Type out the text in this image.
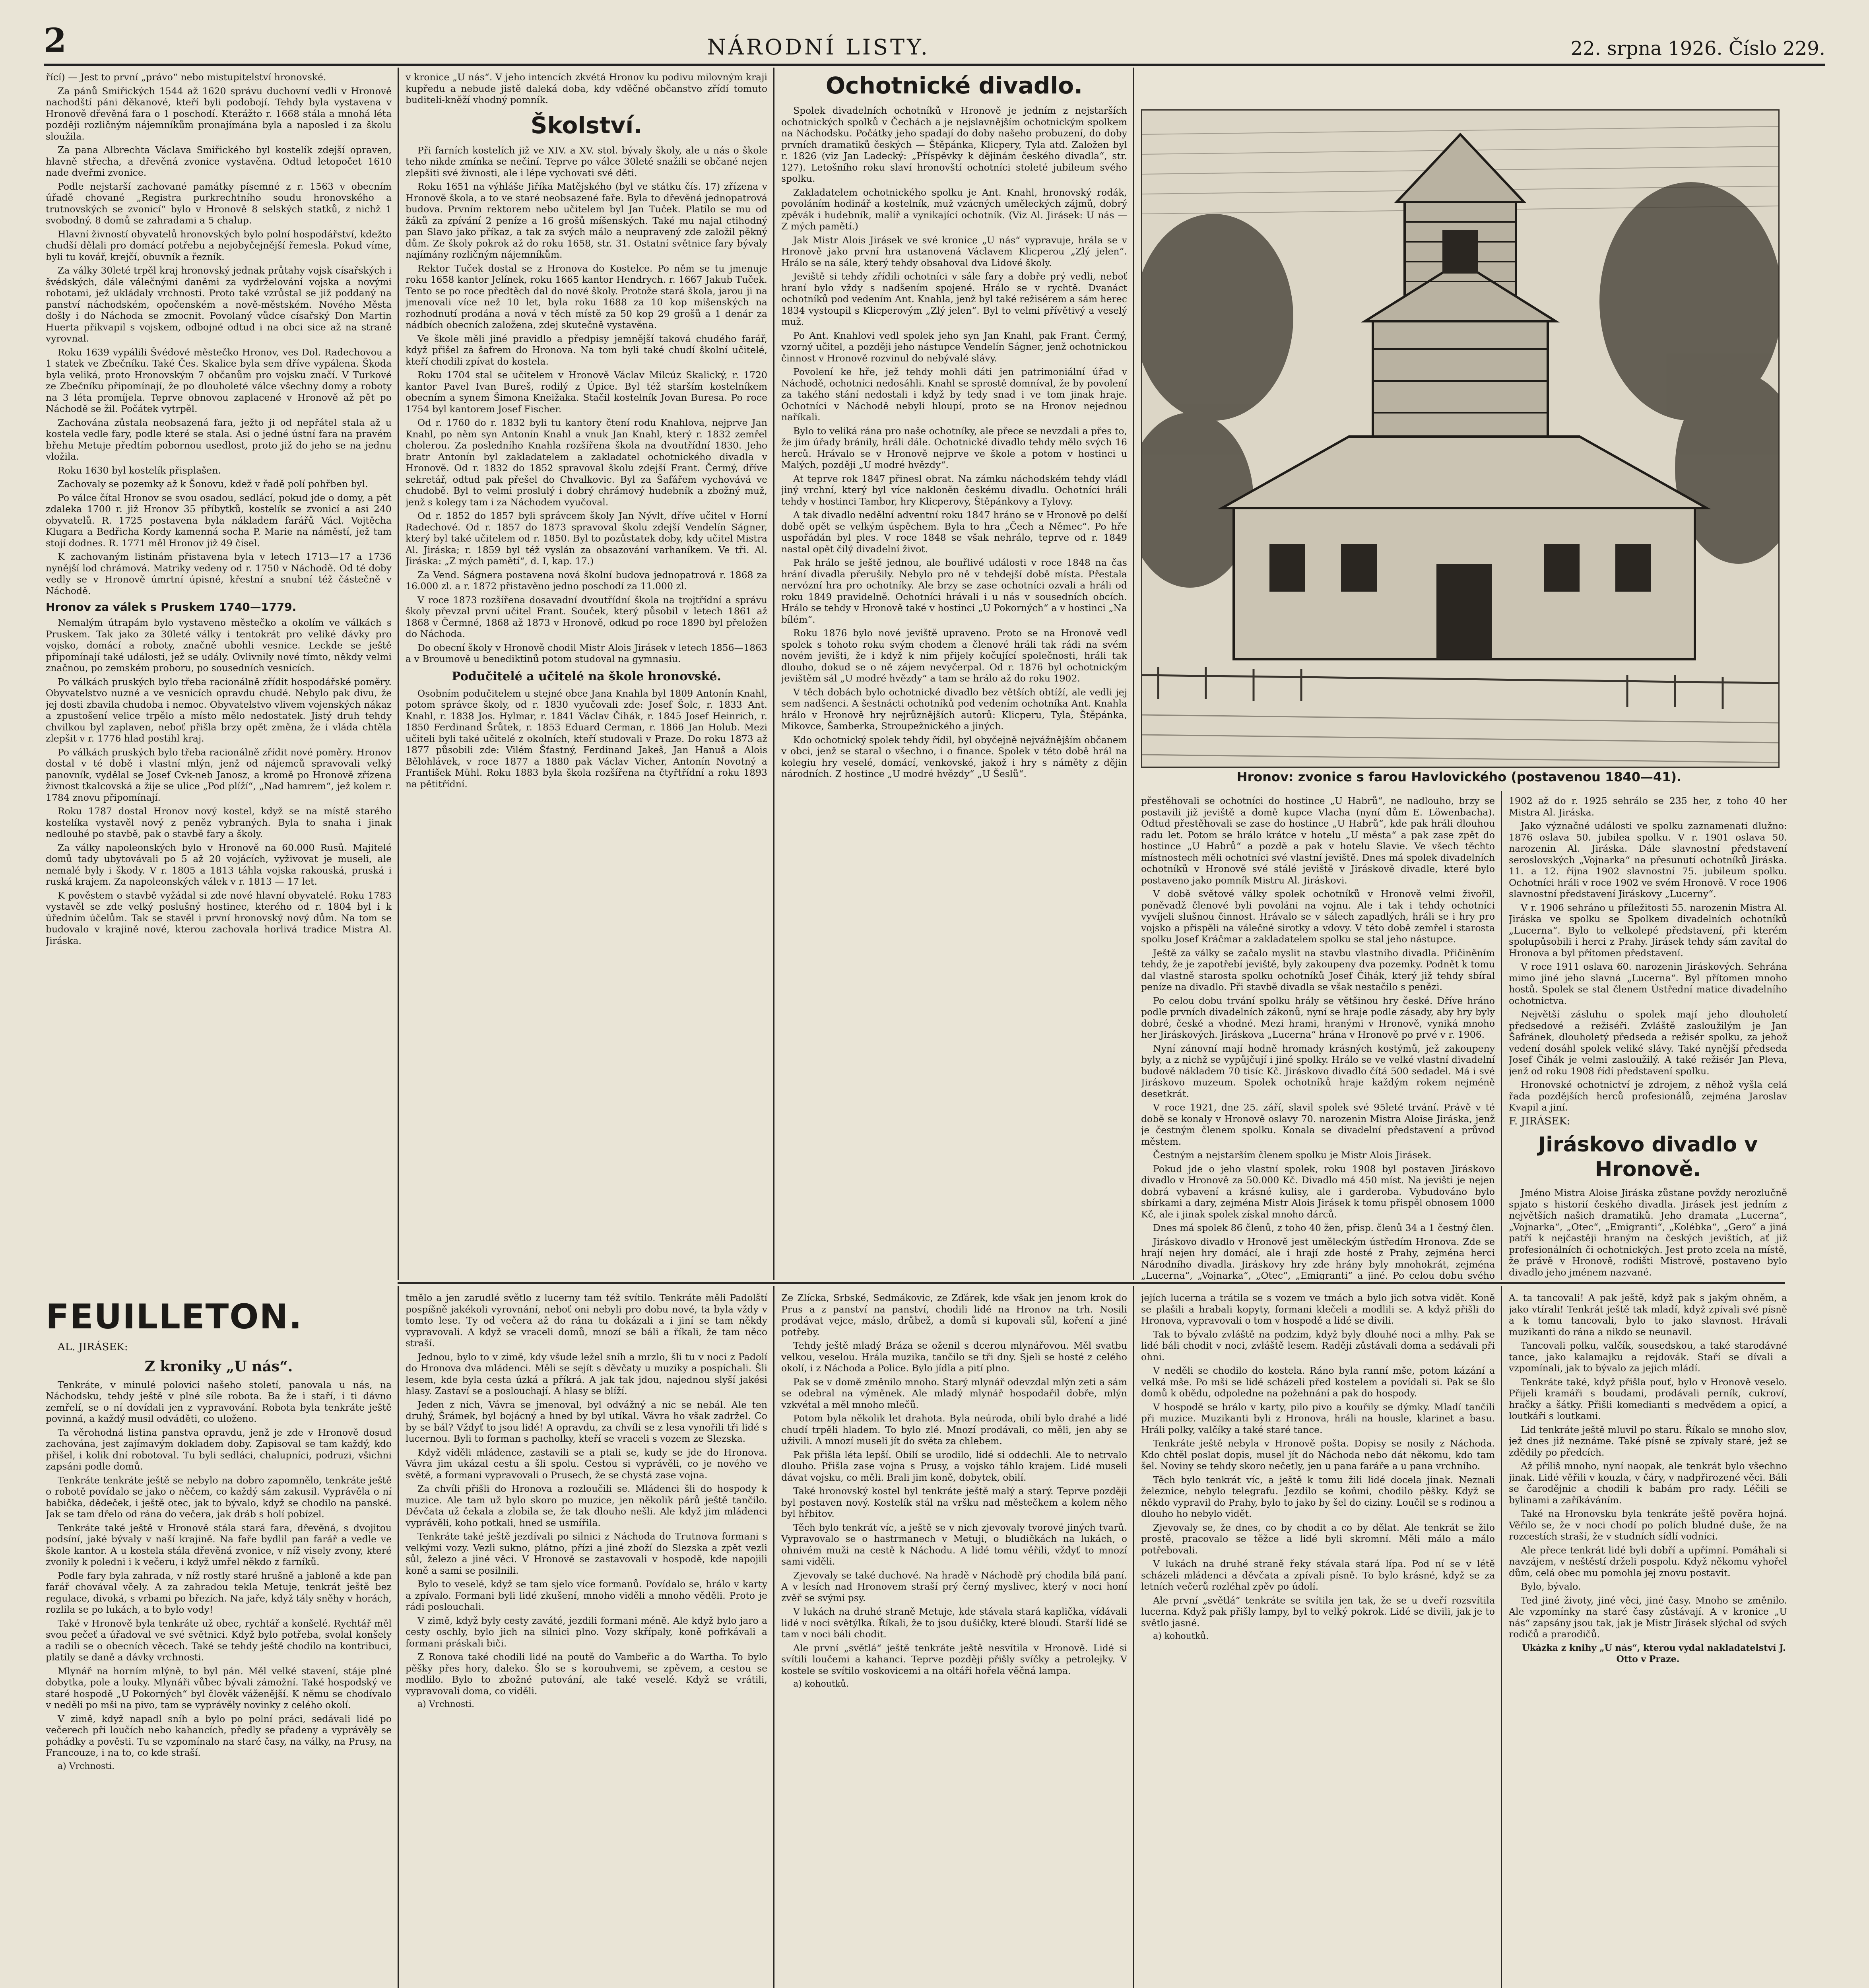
2	NÁRODNÍ LISTY.	22. srpna 1926. Číslo 229.

řící) — Jest to první „právo“ nebo mistupitelství hronovské.

Za pánů Smiřických 1544 až 1620 správu duchovní vedli v Hronově nachodští páni děkanové, kteří byli podobojí. Tehdy byla vystavena v Hronově dřevěná fara o 1 poschodí. Kterážto r. 1668 stála a mnohá léta později rozličným nájemníkům pronajímána byla a naposled i za školu sloužila.

Za pana Albrechta Václava Smiřického byl kostelík zdejší opraven, hlavně střecha, a dřevěná zvonice vystavěna. Odtud letopočet 1610 nade dveřmi zvonice.

Podle nejstarší zachované památky písemné z r. 1563 v obecním úřadě chované „Registra purkrechtního soudu hronovského a trutnovských se zvonicí“ bylo v Hronově 8 selských statků, z nichž 1 svobodný. 8 domů se zahradami a 5 chalup.

Hlavní živností obyvatelů hronovských bylo polní hospodářství, kdežto chudší dělali pro domácí potřebu a nejobyčejnější řemesla. Pokud víme, byli tu kovář, krejčí, obuvník a řezník.

Za války 30leté trpěl kraj hronovský jednak průtahy vojsk císařských i švédských, dále válečnými daněmi za vydrželování vojska a novými robotami, jež ukládaly vrchnosti. Proto také vzrůstal se již poddaný na panství náchodském, opočenském a nově-městském. Nového Města došly i do Náchoda se zmocnit. Povolaný vůdce císařský Don Martin Huerta přikvapil s vojskem, odbojné odtud i na obci sice až na straně vyrovnal.

Roku 1639 vypálili Švédové městečko Hronov, ves Dol. Radechovou a 1 statek ve Zbečníku. Také Čes. Skalice byla sem dříve vypálena. Škoda byla veliká, proto Hronovským 7 občanům pro vojsku značí. V Turkové ze Zbečníku připomínají, že po dlouholeté válce všechny domy a roboty na 3 léta promíjela. Teprve obnovou zaplacené v Hronově až pět po Náchodě se žil. Počátek vytrpěl.

Zachována zůstala neobsazená fara, ježto ji od nepřátel stala až u kostela vedle fary, podle které se stala. Asi o jedné ústní fara na pravém břehu Metuje předtím pobornou usedlost, proto již do jeho se na jednu vložila.

Roku 1630 byl kostelík přisplašen.

Zachovaly se pozemky až k Šonovu, kdež v řadě polí pohřben byl.

Po válce čítal Hronov se svou osadou, sedlácí, pokud jde o domy, a pět zdaleka 1700 r. již Hronov 35 příbytků, kostelík se zvonicí a asi 240 obyvatelů. R. 1725 postavena byla nákladem farářů Václ. Vojtěcha Klugara a Bedřicha Kordy kamenná socha P. Marie na náměstí, jež tam stojí dodnes. R. 1771 měl Hronov již 49 čísel.

K zachovaným listinám přistavena byla v letech 1713—17 a 1736 nynější lod chrámová. Matriky vedeny od r. 1750 v Náchodě. Od té doby vedly se v Hronově úmrtní úpisné, křestní a snubní též částečně v Náchodě.

Hronov za válek s Pruskem 1740—1779.

Nemalým útrapám bylo vystaveno městečko a okolím ve válkách s Pruskem. Tak jako za 30leté války i tentokrát pro veliké dávky pro vojsko, domácí a roboty, značně ubohli vesnice. Leckde se ještě připomínají také události, jež se udály. Ovlivnily nové tímto, někdy velmi značnou, po zemském proboru, po sousedních vesnicích.

Po válkách pruských bylo třeba racionálně zřídit hospodářské poměry. Obyvatelstvo nuzné a ve vesnicích opravdu chudé. Nebylo pak divu, že jej dosti zbavila chudoba i nemoc. Obyvatelstvo vlivem vojenských nákaz a zpustošení velice trpělo a místo mělo nedostatek. Jistý druh tehdy chvilkou byl zaplaven, neboť přišla brzy opět změna, že i vláda chtěla zlepšit v r. 1776 hlad postihl kraj.

Po válkách pruských bylo třeba racionálně zřídit nové poměry. Hronov dostal v té době i vlastní mlýn, jenž od nájemců spravovali velký panovník, vydělal se Josef Cvk-neb Janosz, a kromě po Hronově zřízena živnost tkalcovská a žije se ulice „Pod plíží“, „Nad hamrem“, jež kolem r. 1784 znovu připomínají.

Roku 1787 dostal Hronov nový kostel, když se na místě starého kostelíka vystavěl nový z peněz vybraných. Byla to snaha i jinak nedlouhé po stavbě, pak o stavbě fary a školy.

Za války napoleonských bylo v Hronově na 60.000 Rusů. Majitelé domů tady ubytovávali po 5 až 20 vojácích, vyživovat je museli, ale nemalé byly i škody. V r. 1805 a 1813 táhla vojska rakouská, pruská i ruská krajem. Za napoleonských válek v r. 1813 — 17 let.

K pověstem o stavbě vyžádal si zde nové hlavní obyvatelé. Roku 1783 vystavěl se zde velký poslušný hostinec, kterého od r. 1804 byl i k úředním účelům. Tak se stavěl i první hronovský nový dům. Na tom se budovalo v krajině nové, kterou zachovala horlivá tradice Mistra Al. Jiráska.

v kronice „U nás“. V jeho intencích zkvétá Hronov ku podivu milovným kraji kupředu a nebude jistě daleká doba, kdy vděčné občanstvo zřídí tomuto buditeli-kněží vhodný pomník.

Školství.

Při farních kostelích již ve XIV. a XV. stol. bývaly školy, ale u nás o škole teho nikde zmínka se nečiní. Teprve po válce 30leté snažili se občané nejen zlepšiti své živnosti, ale i lépe vychovati své děti.

Roku 1651 na výhláše Jiříka Matějského (byl ve státku čís. 17) zřízena v Hronově škola, a to ve staré neobsazené faře. Byla to dřevěná jednopatrová budova. Prvním rektorem nebo učitelem byl Jan Tuček. Platilo se mu od žáků za zpívání 2 peníze a 16 grošů míšenských. Také mu najal ctihodný pan Slavo jako příkaz, a tak za svých málo a neupravený zde založil pěkný dům. Ze školy pokrok až do roku 1658, str. 31. Ostatní světnice fary bývaly najímány rozličným nájemníkům.

Rektor Tuček dostal se z Hronova do Kostelce. Po něm se tu jmenuje roku 1658 kantor Jelínek, roku 1665 kantor Hendrych. r. 1667 Jakub Tuček. Tento se po roce předtěch dal do nové školy. Protože stará škola, jarou ji na jmenovali více než 10 let, byla roku 1688 za 10 kop míšenských na rozhodnutí prodána a nová v těch místě za 50 kop 29 grošů a 1 denár za nádbích obecních založena, zdej skutečně vystavěna.

Ve škole měli jiné pravidlo a předpisy jemnější taková chudého farář, když přišel za šafrem do Hronova. Na tom byli také chudí školní učitelé, kteří chodili zpívat do kostela.

Roku 1704 stal se učitelem v Hronově Václav Milcúz Skalický, r. 1720 kantor Pavel Ivan Bureš, rodilý z Úpice. Byl též starším kostelníkem obecním a synem Šimona Kneižaka. Stačil kostelník Jovan Buresa. Po roce 1754 byl kantorem Josef Fischer.

Od r. 1760 do r. 1832 byli tu kantory čtení rodu Knahlova, nejprve Jan Knahl, po něm syn Antonín Knahl a vnuk Jan Knahl, který r. 1832 zemřel cholerou. Za posledního Knahla rozšířena škola na dvoutřídní 1830. Jeho bratr Antonín byl zakladatelem a zakladatel ochotnického divadla v Hronově. Od r. 1832 do 1852 spravoval školu zdejší Frant. Čermý, dříve sekretář, odtud pak přešel do Chvalkovic. Byl za Šafářem vychovává ve chudobě. Byl to velmi proslulý i dobrý chrámový hudebník a zbožný muž, jenž s kolegy tam i za Náchodem vyučoval.

Od r. 1852 do 1857 byli správcem školy Jan Nývlt, dříve učitel v Horní Radechové. Od r. 1857 do 1873 spravoval školu zdejší Vendelín Ságner, který byl také učitelem od r. 1850. Byl to pozůstatek doby, kdy učitel Mistra Al. Jiráska; r. 1859 byl též vyslán za obsazování varhaníkem. Ve tři. Al. Jiráska: „Z mých pamětí“, d. I, kap. 17.)

Za Vend. Ságnera postavena nová školní budova jednopatrová r. 1868 za 16.000 zl. a r. 1872 přistavěno jedno poschodí za 11.000 zl.

V roce 1873 rozšířena dosavadní dvoutřídní škola na trojtřídní a správu školy převzal první učitel Frant. Souček, který působil v letech 1861 až 1868 v Čermné, 1868 až 1873 v Hronově, odkud po roce 1890 byl přeložen do Náchoda.

Do obecní školy v Hronově chodil Mistr Alois Jirásek v letech 1856—1863 a v Broumově u benediktinů potom studoval na gymnasiu.

Podučitelé a učitelé na škole hronovské.

Osobním podučitelem u stejné obce Jana Knahla byl 1809 Antonín Knahl, potom správce školy, od r. 1830 vyučovali zde: Josef Šolc, r. 1833 Ant. Knahl, r. 1838 Jos. Hylmar, r. 1841 Václav Čihák, r. 1845 Josef Heinrich, r. 1850 Ferdinand Šrůtek, r. 1853 Eduard Cerman, r. 1866 Jan Holub. Mezi učiteli byli také učitelé z okolních, kteří studovali v Praze. Do roku 1873 až 1877 působili zde: Vilém Šťastný, Ferdinand Jakeš, Jan Hanuš a Alois Bělohlávek, v roce 1877 a 1880 pak Václav Vicher, Antonín Novotný a František Mühl. Roku 1883 byla škola rozšířena na čtyřtřídní a roku 1893 na pětitřídní.

Ochotnické divadlo.

Spolek divadelních ochotníků v Hronově je jedním z nejstarších ochotnických spolků v Čechách a je nejslavnějším ochotnickým spolkem na Náchodsku. Počátky jeho spadají do doby našeho probuzení, do doby prvních dramatiků českých — Štěpánka, Klicpery, Tyla atd. Založen byl r. 1826 (viz Jan Ladecký: „Příspěvky k dějinám českého divadla“, str. 127). Letošního roku slaví hronovští ochotníci stoleté jubileum svého spolku.

Zakladatelem ochotnického spolku je Ant. Knahl, hronovský rodák, povoláním hodinář a kostelník, muž vzácných uměleckých zájmů, dobrý zpěvák i hudebník, malíř a vynikající ochotník. (Viz Al. Jirásek: U nás — Z mých pamětí.)

Jak Mistr Alois Jirásek ve své kronice „U nás“ vypravuje, hrála se v Hronově jako první hra ustanovená Václavem Klicperou „Zlý jelen“. Hrálo se na sále, který tehdy obsahoval dva Lidové školy.

Jeviště si tehdy zřídili ochotníci v sále fary a dobře prý vedli, neboť hraní bylo vždy s nadšením spojené. Hrálo se v rychtě. Dvanáct ochotníků pod vedením Ant. Knahla, jenž byl také režisérem a sám herec 1834 vystoupil s Klicperovým „Zlý jelen“. Byl to velmi přívětivý a veselý muž.

Po Ant. Knahlovi vedl spolek jeho syn Jan Knahl, pak Frant. Čermý, vzorný učitel, a později jeho nástupce Vendelín Ságner, jenž ochotnickou činnost v Hronově rozvinul do nebývalé slávy.

Povolení ke hře, jež tehdy mohli dáti jen patrimoniální úřad v Náchodě, ochotníci nedosáhli. Knahl se sprostě domníval, že by povolení za takého stání nedostali i když by tedy snad i ve tom jinak hraje. Ochotníci v Náchodě nebyli hloupí, proto se na Hronov nejednou naříkali.

Bylo to veliká rána pro naše ochotníky, ale přece se nevzdali a přes to, že jim úřady bránily, hráli dále. Ochotnické divadlo tehdy mělo svých 16 herců. Hrávalo se v Hronově nejprve ve škole a potom v hostinci u Malých, později „U modré hvězdy“.

At teprve rok 1847 přinesl obrat. Na zámku náchodském tehdy vládl jiný vrchní, který byl více nakloněn českému divadlu. Ochotníci hráli tehdy v hostinci Tambor, hry Klicperovy, Štěpánkovy a Tylovy.

A tak divadlo nedělní adventní roku 1847 hráno se v Hronově po delší době opět se velkým úspěchem. Byla to hra „Čech a Němec“. Po hře uspořádán byl ples. V roce 1848 se však nehrálo, teprve od r. 1849 nastal opět čilý divadelní život.

Pak hrálo se ještě jednou, ale bouřlivé události v roce 1848 na čas hrání divadla přerušily. Nebylo pro ně v tehdejší době místa. Přestala nervózní hra pro ochotníky. Ale brzy se zase ochotníci ozvali a hráli od roku 1849 pravidelně. Ochotníci hrávali i u nás v sousedních obcích. Hrálo se tehdy v Hronově také v hostinci „U Pokorných“ a v hostinci „Na bílém“.

Roku 1876 bylo nové jeviště upraveno. Proto se na Hronově vedl spolek s tohoto roku svým chodem a členové hráli tak rádi na svém novém jevišti, že i když k nim přijely kočující společnosti, hráli tak dlouho, dokud se o ně zájem nevyčerpal. Od r. 1876 byl ochotnickým jevištěm sál „U modré hvězdy“ a tam se hrálo až do roku 1902.

V těch dobách bylo ochotnické divadlo bez větších obtíží, ale vedli jej sem nadšenci. A šestnácti ochotníků pod vedením ochotníka Ant. Knahla hrálo v Hronově hry nejrůznějších autorů: Klicperu, Tyla, Štěpánka, Mikovce, Šamberka, Stroupežnického a jiných.

Kdo ochotnický spolek tehdy řídil, byl obyčejně nejvážnějším občanem v obci, jenž se staral o všechno, i o finance. Spolek v této době hrál na kolegiu hry veselé, domácí, venkovské, jakož i hry s náměty z dějin národních. Z hostince „U modré hvězdy“ „U Šeslů“.	Hronov: zvonice s farou Havlovického (postavenou 1840—41).

přestěhovali se ochotníci do hostince „U Habrů“, ne nadlouho, brzy se postavili již jeviště a domě kupce Vlacha (nyní dům E. Löwenbacha). Odtud přestěhovali se zase do hostince „U Habrů“, kde pak hráli dlouhou radu let. Potom se hrálo krátce v hotelu „U města“ a pak zase zpět do hostince „U Habrů“ a pozdě a pak v hotelu Slavie. Ve všech těchto místnostech měli ochotníci své vlastní jeviště. Dnes má spolek divadelních ochotníků v Hronově své stálé jeviště v Jiráskově divadle, které bylo postaveno jako pomník Mistru Al. Jiráskovi.

V době světové války spolek ochotníků v Hronově velmi živořil, poněvadž členové byli povoláni na vojnu. Ale i tak i tehdy ochotníci vyvíjeli slušnou činnost. Hrávalo se v sálech zapadlých, hráli se i hry pro vojsko a přispěli na válečné sirotky a vdovy. V této době zemřel i starosta spolku Josef Kráčmar a zakladatelem spolku se stal jeho nástupce.

Ještě za války se začalo myslit na stavbu vlastního divadla. Přičiněním tehdy, že je zapotřebí jeviště, byly zakoupeny dva pozemky. Podnět k tomu dal vlastně starosta spolku ochotníků Josef Čihák, který již tehdy sbíral peníze na divadlo. Při stavbě divadla se však nestačilo s penězi.

Po celou dobu trvání spolku hrály se většinou hry české. Dříve hráno podle prvních divadelních zákonů, nyní se hraje podle zásady, aby hry byly dobré, české a vhodné. Mezi hrami, hranými v Hronově, vyniká mnoho her Jiráskových. Jiráskova „Lucerna“ hrána v Hronově po prvé v r. 1906.

Nyní zánovní mají hodně hromady krásných kostýmů, jež zakoupeny byly, a z nichž se vypůjčují i jiné spolky. Hrálo se ve velké vlastní divadelní budově nákladem 70 tisíc Kč. Jiráskovo divadlo čítá 500 sedadel. Má i své Jiráskovo muzeum. Spolek ochotníků hraje každým rokem nejméně desetkrát.

V roce 1921, dne 25. září, slavil spolek své 95leté trvání. Právě v té době se konaly v Hronově oslavy 70. narozenin Mistra Aloise Jiráska, jenž je čestným členem spolku. Konala se divadelní představení a průvod městem.

Čestným a nejstarším členem spolku je Mistr Alois Jirásek.

Pokud jde o jeho vlastní spolek, roku 1908 byl postaven Jiráskovo divadlo v Hronově za 50.000 Kč. Divadlo má 450 míst. Na jevišti je nejen dobrá vybavení a krásné kulisy, ale i garderoba. Vybudováno bylo sbírkami a dary, zejména Mistr Alois Jirásek k tomu přispěl obnosem 1000 Kč, ale i jinak spolek získal mnoho dárců.

Dnes má spolek 86 členů, z toho 40 žen, přisp. členů 34 a 1 čestný člen.

Jiráskovo divadlo v Hronově jest uměleckým ústředím Hronova. Zde se hrají nejen hry domácí, ale i hrají zde hosté z Prahy, zejména herci Národního divadla. Jiráskovy hry zde hrány byly mnohokrát, zejména „Lucerna“, „Vojnarka“, „Otec“, „Emigranti“ a jiné. Po celou dobu svého

1902 až do r. 1925 sehrálo se 235 her, z toho 40 her Mistra Al. Jiráska.

Jako význačné události ve spolku zaznamenati dlužno: 1876 oslava 50. jubilea spolku. V r. 1901 oslava 50. narozenin Al. Jiráska. Dále slavnostní představení seroslovských „Vojnarka“ na přesunutí ochotníků Jiráska. 11. a 12. října 1902 slavnostní 75. jubileum spolku. Ochotníci hráli v roce 1902 ve svém Hronově. V roce 1906 slavnostní představení Jiráskovy „Lucerny“.

V r. 1906 sehráno u příležitosti 55. narozenin Mistra Al. Jiráska ve spolku se Spolkem divadelních ochotníků „Lucerna“. Bylo to velkolepé představení, při kterém spolupůsobili i herci z Prahy. Jirásek tehdy sám zavítal do Hronova a byl přítomen představení.

V roce 1911 oslava 60. narozenin Jiráskových. Sehrána mimo jiné jeho slavná „Lucerna“. Byl přítomen mnoho hostů. Spolek se stal členem Ústřední matice divadelního ochotnictva.

Největší zásluhu o spolek mají jeho dlouholetí předsedové a režiséři. Zvláště zasloužilým je Jan Šafránek, dlouholetý předseda a režisér spolku, za jehož vedení dosáhl spolek veliké slávy. Také nynější předseda Josef Čihák je velmi zasloužilý. A také režisér Jan Pleva, jenž od roku 1908 řídí představení spolku.

Hronovské ochotnictví je zdrojem, z něhož vyšla celá řada pozdějších herců profesionálů, zejména Jaroslav Kvapil a jiní.

F. JIRÁSEK:

Jiráskovo divadlo v Hronově.

Jméno Mistra Aloise Jiráska zůstane povždy nerozlučně spjato s historií českého divadla. Jirásek jest jedním z největších našich dramatiků. Jeho dramata „Lucerna“, „Vojnarka“, „Otec“, „Emigranti“, „Kolébka“, „Gero“ a jiná patří k nejčastěji hraným na českých jevištích, ať již profesionálních či ochotnických. Jest proto zcela na místě, že právě v Hronově, rodišti Mistrově, postaveno bylo divadlo jeho jménem nazvané.

FEUILLETON.

AL. JIRÁSEK:

Z kroniky „U nás“.

Tenkráte, v minulé polovici našeho století, panovala u nás, na Náchodsku, tehdy ještě v plné síle robota. Ba že i staří, i ti dávno zemřelí, se o ní dovídali jen z vypravování. Robota byla tenkráte ještě povinná, a každý musil odváděti, co uloženo.

Ta věrohodná listina panstva opravdu, jenž je zde v Hronově dosud zachována, jest zajímavým dokladem doby. Zapisoval se tam každý, kdo přišel, i kolik dní robotoval. Tu byli sedláci, chalupníci, podruzi, všichni zapsáni podle domů.

Tenkráte tenkráte ještě se nebylo na dobro zapomnělo, tenkráte ještě o robotě povídalo se jako o něčem, co každý sám zakusil. Vyprávěla o ní babička, dědeček, i ještě otec, jak to bývalo, když se chodilo na panské. Jak se tam dřelo od rána do večera, jak dráb s holí pobízel.

Tenkráte také ještě v Hronově stála stará fara, dřevěná, s dvojitou podsíní, jaké bývaly v naší krajině. Na faře bydlil pan farář a vedle ve škole kantor. A u kostela stála dřevěná zvonice, v níž visely zvony, které zvonily k poledni i k večeru, i když umřel někdo z farníků.

Podle fary byla zahrada, v níž rostly staré hrušně a jabloně a kde pan farář chovával včely. A za zahradou tekla Metuje, tenkrát ještě bez regulace, divoká, s vrbami po březích. Na jaře, když tály sněhy v horách, rozlila se po lukách, a to bylo vody!

Také v Hronově byla tenkráte už obec, rychtář a konšelé. Rychtář měl svou pečeť a úřadoval ve své světnici. Když bylo potřeba, svolal konšely a radili se o obecních věcech. Také se tehdy ještě chodilo na kontribuci, platily se daně a dávky vrchnosti.

Mlynář na horním mlýně, to byl pán. Měl velké stavení, stáje plné dobytka, pole a louky. Mlynáři vůbec bývali zámožní. Také hospodský ve staré hospodě „U Pokorných“ byl člověk váženější. K němu se chodívalo v neděli po mši na pivo, tam se vyprávěly novinky z celého okolí.

V zimě, když napadl sníh a bylo po polní práci, sedávali lidé po večerech při loučích nebo kahancích, předly se přadeny a vyprávěly se pohádky a pověsti. Tu se vzpomínalo na staré časy, na války, na Prusy, na Francouze, i na to, co kde straší.

a) Vrchnosti.

tmělo a jen zarudlé světlo z lucerny tam též svítilo. Tenkráte měli Padolští pospíšně jakékoli vyrovnání, neboť oni nebyli pro dobu nové, ta byla vždy v tomto lese. Ty od večera až do rána tu dokázali a i jiní se tam někdy vypravovali. A když se vraceli domů, mnozí se báli a říkali, že tam něco straší.

Jednou, bylo to v zimě, kdy všude ležel sníh a mrzlo, šli tu v noci z Padolí do Hronova dva mládenci. Měli se sejít s děvčaty u muziky a pospíchali. Šli lesem, kde byla cesta úzká a příkrá. A jak tak jdou, najednou slyší jakési hlasy. Zastaví se a poslouchají. A hlasy se blíží.

Jeden z nich, Vávra se jmenoval, byl odvážný a nic se nebál. Ale ten druhý, Šrámek, byl bojácný a hned by byl utíkal. Vávra ho však zadržel. Co by se bál? Vždyť to jsou lidé! A opravdu, za chvíli se z lesa vynořili tři lidé s lucernou. Byli to forman s pacholky, kteří se vraceli s vozem ze Slezska.

Když viděli mládence, zastavili se a ptali se, kudy se jde do Hronova. Vávra jim ukázal cestu a šli spolu. Cestou si vyprávěli, co je nového ve světě, a formani vypravovali o Prusech, že se chystá zase vojna.

Za chvíli přišli do Hronova a rozloučili se. Mládenci šli do hospody k muzice. Ale tam už bylo skoro po muzice, jen několik párů ještě tančilo. Děvčata už čekala a zlobila se, že tak dlouho nešli. Ale když jim mládenci vyprávěli, koho potkali, hned se usmířila.

Tenkráte také ještě jezdívali po silnici z Náchoda do Trutnova formani s velkými vozy. Vezli sukno, plátno, přízi a jiné zboží do Slezska a zpět vezli sůl, železo a jiné věci. V Hronově se zastavovali v hospodě, kde napojili koně a sami se posilnili.

Bylo to veselé, když se tam sjelo více formanů. Povídalo se, hrálo v karty a zpívalo. Formani byli lidé zkušení, mnoho viděli a mnoho věděli. Proto je rádi poslouchali.

V zimě, když byly cesty zaváté, jezdili formani méně. Ale když bylo jaro a cesty oschly, bylo jich na silnici plno. Vozy skřípaly, koně pofrkávali a formani práskali biči.

Z Ronova také chodili lidé na poutě do Vambeřic a do Wartha. To bylo pěšky přes hory, daleko. Šlo se s korouhvemi, se zpěvem, a cestou se modlilo. Bylo to zbožné putování, ale také veselé. Když se vrátili, vypravovali doma, co viděli.

a) Vrchnosti.

Ze Zlícka, Srbské, Sedmákovic, ze Zďárek, kde však jen jenom krok do Prus a z panství na panství, chodili lidé na Hronov na trh. Nosili prodávat vejce, máslo, drůbež, a domů si kupovali sůl, koření a jiné potřeby.

Tehdy ještě mladý Bráza se oženil s dcerou mlynářovou. Měl svatbu velkou, veselou. Hrála muzika, tančilo se tři dny. Sjeli se hosté z celého okolí, i z Náchoda a Police. Bylo jídla a pití plno.

Pak se v domě změnilo mnoho. Starý mlynář odevzdal mlýn zeti a sám se odebral na výměnek. Ale mladý mlynář hospodařil dobře, mlýn vzkvétal a měl mnoho mlečů.

Potom byla několik let drahota. Byla neúroda, obilí bylo drahé a lidé chudí trpěli hladem. To bylo zlé. Mnozí prodávali, co měli, jen aby se uživili. A mnozí museli jít do světa za chlebem.

Pak přišla léta lepší. Obilí se urodilo, lidé si oddechli. Ale to netrvalo dlouho. Přišla zase vojna s Prusy, a vojsko táhlo krajem. Lidé museli dávat vojsku, co měli. Brali jim koně, dobytek, obilí.

Také hronovský kostel byl tenkráte ještě malý a starý. Teprve později byl postaven nový. Kostelík stál na vršku nad městečkem a kolem něho byl hřbitov.

Těch bylo tenkrát víc, a ještě se v nich zjevovaly tvorové jiných tvarů. Vypravovalo se o hastrmanech v Metuji, o bludičkách na lukách, o ohnivém muži na cestě k Náchodu. A lidé tomu věřili, vždyť to mnozí sami viděli.

Zjevovaly se také duchové. Na hradě v Náchodě prý chodila bílá paní. A v lesích nad Hronovem straší prý černý myslivec, který v noci honí zvěř se svými psy.

V lukách na druhé straně Metuje, kde stávala stará kaplička, vídávali lidé v noci světýlka. Říkali, že to jsou dušičky, které bloudí. Starší lidé se tam v noci báli chodit.

Ale první „světlá“ ještě tenkráte ještě nesvítila v Hronově. Lidé si svítili loučemi a kahanci. Teprve později přišly svíčky a petrolejky. V kostele se svítilo voskovicemi a na oltáři hořela věčná lampa.

a) kohoutků.

jejích lucerna a trátila se s vozem ve tmách a bylo jich sotva vidět. Koně se plašili a hrabali kopyty, formani klečeli a modlili se. A když přišli do Hronova, vypravovali o tom v hospodě a lidé se divili.

Tak to bývalo zvláště na podzim, když byly dlouhé noci a mlhy. Pak se lidé báli chodit v noci, zvláště lesem. Raději zůstávali doma a sedávali při ohni.

V neděli se chodilo do kostela. Ráno byla ranní mše, potom kázání a velká mše. Po mši se lidé scházeli před kostelem a povídali si. Pak se šlo domů k obědu, odpoledne na požehnání a pak do hospody.

V hospodě se hrálo v karty, pilo pivo a kouřily se dýmky. Mladí tančili při muzice. Muzikanti byli z Hronova, hráli na housle, klarinet a basu. Hráli polky, valčíky a také staré tance.

Tenkráte ještě nebyla v Hronově pošta. Dopisy se nosily z Náchoda. Kdo chtěl poslat dopis, musel jít do Náchoda nebo dát někomu, kdo tam šel. Noviny se tehdy skoro nečetly, jen u pana faráře a u pana vrchního.

Těch bylo tenkrát víc, a ještě k tomu žili lidé docela jinak. Neznali železnice, nebylo telegrafu. Jezdilo se koňmi, chodilo pěšky. Když se někdo vypravil do Prahy, bylo to jako by šel do ciziny. Loučil se s rodinou a dlouho ho nebylo vidět.

Zjevovaly se, že dnes, co by chodit a co by dělat. Ale tenkrát se žilo prostě, pracovalo se těžce a lidé byli skromní. Měli málo a málo potřebovali.

V lukách na druhé straně řeky stávala stará lípa. Pod ní se v létě scházeli mládenci a děvčata a zpívali písně. To bylo krásné, když se za letních večerů rozléhal zpěv po údolí.

Ale první „světlá“ tenkráte se svítila jen tak, že se u dveří rozsvítila lucerna. Když pak přišly lampy, byl to velký pokrok. Lidé se divili, jak je to světlo jasné.

a) kohoutků.

A. ta tancovali! A pak ještě, když pak s jakým ohněm, a jako vtírali! Tenkrát ještě tak mladí, když zpívali své písně a k tomu tancovali, bylo to jako slavnost. Hrávali muzikanti do rána a nikdo se neunavil.

Tancovali polku, valčík, sousedskou, a také starodávné tance, jako kalamajku a rejdovák. Staří se dívali a vzpomínali, jak to bývalo za jejich mládí.

Tenkráte také, když přišla pouť, bylo v Hronově veselo. Přijeli kramáři s boudami, prodávali perník, cukroví, hračky a šátky. Přišli komedianti s medvědem a opicí, a loutkáři s loutkami.

Lid tenkráte ještě mluvil po staru. Říkalo se mnoho slov, jež dnes již neznáme. Také písně se zpívaly staré, jež se zdědily po předcích.

Až příliš mnoho, nyní naopak, ale tenkrát bylo všechno jinak. Lidé věřili v kouzla, v čáry, v nadpřirozené věci. Báli se čarodějnic a chodili k babám pro rady. Léčili se bylinami a zaříkáváním.

Také na Hronovsku byla tenkráte ještě pověra hojná. Věřilo se, že v noci chodí po polích bludné duše, že na rozcestích straší, že v studních sídlí vodníci.

Ale přece tenkrát lidé byli dobří a upřímní. Pomáhali si navzájem, v neštěstí drželi pospolu. Když někomu vyhořel dům, celá obec mu pomohla jej znovu postavit.

Bylo, bývalo.

Ted jiné životy, jiné věci, jiné časy. Mnoho se změnilo. Ale vzpomínky na staré časy zůstávají. A v kronice „U nás“ zapsány jsou tak, jak je Mistr Jirásek slýchal od svých rodičů a prarodičů.

Ukázka z knihy „U nás“, kterou vydal nakladatelství J. Otto v Praze.
